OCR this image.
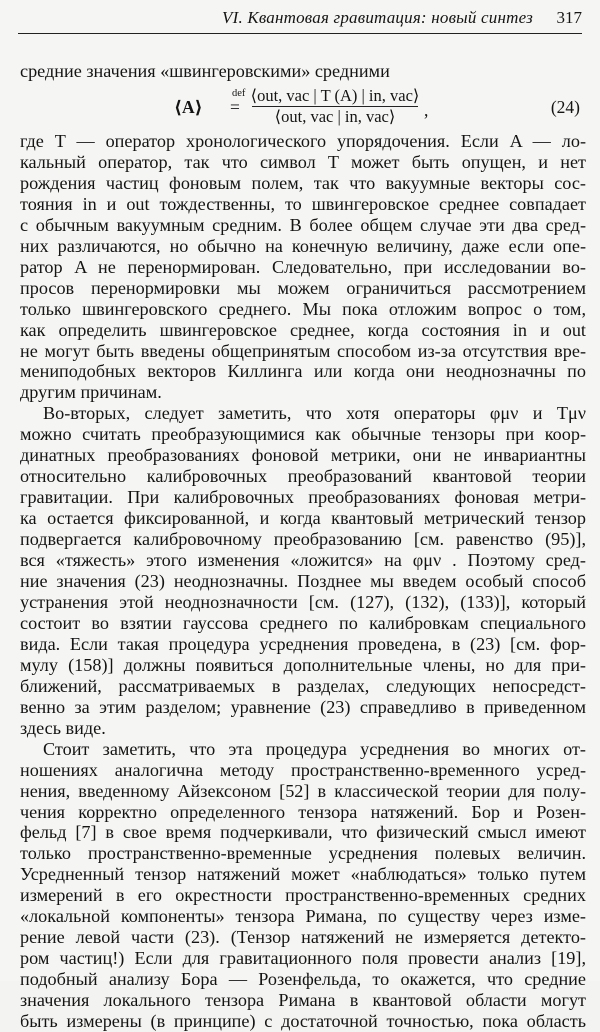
VI. Квантовая гравитация: новый синтез 317
средние значения «швингеровскими» средними
⟨A⟩
def
=
⟨out, vac | T (A) | in, vac⟩
⟨out, vac | in, vac⟩	,	(24)
где T — оператор хронологического упорядочения. Если A — ло-
кальный оператор, так что символ T может быть опущен, и нет
рождения частиц фоновым полем, так что вакуумные векторы сос-
тояния in и out тождественны, то швингеровское среднее совпадает
с обычным вакуумным средним. В более общем случае эти два сред-
них различаются, но обычно на конечную величину, даже если опе-
ратор A не перенормирован. Следовательно, при исследовании во-
просов перенормировки мы можем ограничиться рассмотрением
только швингеровского среднего. Мы пока отложим вопрос о том,
как определить швингеровское среднее, когда состояния in и out
не могут быть введены общепринятым способом из-за отсутствия вре-
мениподобных векторов Киллинга или когда они неоднозначны по
другим причинам.
Во-вторых, следует заметить, что хотя операторы φμν и Tμν
можно считать преобразующимися как обычные тензоры при коор-
динатных преобразованиях фоновой метрики, они не инвариантны
относительно калибровочных преобразований квантовой теории
гравитации. При калибровочных преобразованиях фоновая метри-
ка остается фиксированной, и когда квантовый метрический тензор
подвергается калибровочному преобразованию [см. равенство (95)],
вся «тяжесть» этого изменения «ложится» на φμν . Поэтому сред-
ние значения (23) неоднозначны. Позднее мы введем особый способ
устранения этой неоднозначности [см. (127), (132), (133)], который
состоит во взятии гауссова среднего по калибровкам специального
вида. Если такая процедура усреднения проведена, в (23) [см. фор-
мулу (158)] должны появиться дополнительные члены, но для при-
ближений, рассматриваемых в разделах, следующих непосредст-
венно за этим разделом; уравнение (23) справедливо в приведенном
здесь виде.
Стоит заметить, что эта процедура усреднения во многих от-
ношениях аналогична методу пространственно-временного усред-
нения, введенному Айзексоном [52] в классической теории для полу-
чения корректно определенного тензора натяжений. Бор и Розен-
фельд [7] в свое время подчеркивали, что физический смысл имеют
только пространственно-временные усреднения полевых величин.
Усредненный тензор натяжений может «наблюдаться» только путем
измерений в его окрестности пространственно-временных средних
«локальной компоненты» тензора Римана, по существу через изме-
рение левой части (23). (Тензор натяжений не измеряется детекто-
ром частиц!) Если для гравитационного поля провести анализ [19],
подобный анализу Бора — Розенфельда, то окажется, что средние
значения локального тензора Римана в квантовой области могут
быть измерены (в принципе) с достаточной точностью, пока область
